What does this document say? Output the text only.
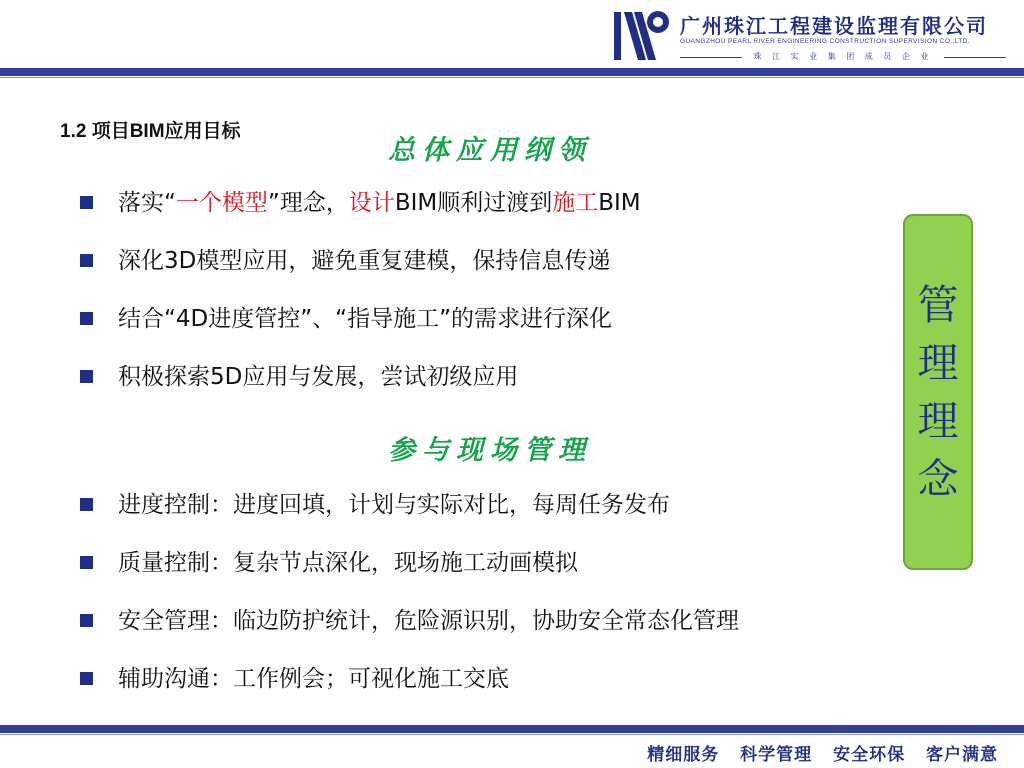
广州珠江工程建设监理有限公司
GUANGZHOU PEARL RIVER ENGINEERING CONSTRUCTION SUPERVISION CO.,LTD.
珠 江 实 业 集 团 成 员 企 业
1.2 项目BIM应用目标
总体应用纲领
落实“一个模型”理念，设计BIM顺利过渡到施工BIM
深化3D模型应用，避免重复建模，保持信息传递
结合“4D进度管控”、“指导施工”的需求进行深化
积极探索5D应用与发展，尝试初级应用
参与现场管理
进度控制：进度回填，计划与实际对比，每周任务发布
质量控制：复杂节点深化，现场施工动画模拟
安全管理：临边防护统计，危险源识别，协助安全常态化管理
辅助沟通：工作例会；可视化施工交底
管
理
理
念
精细服务 科学管理 安全环保 客户满意
